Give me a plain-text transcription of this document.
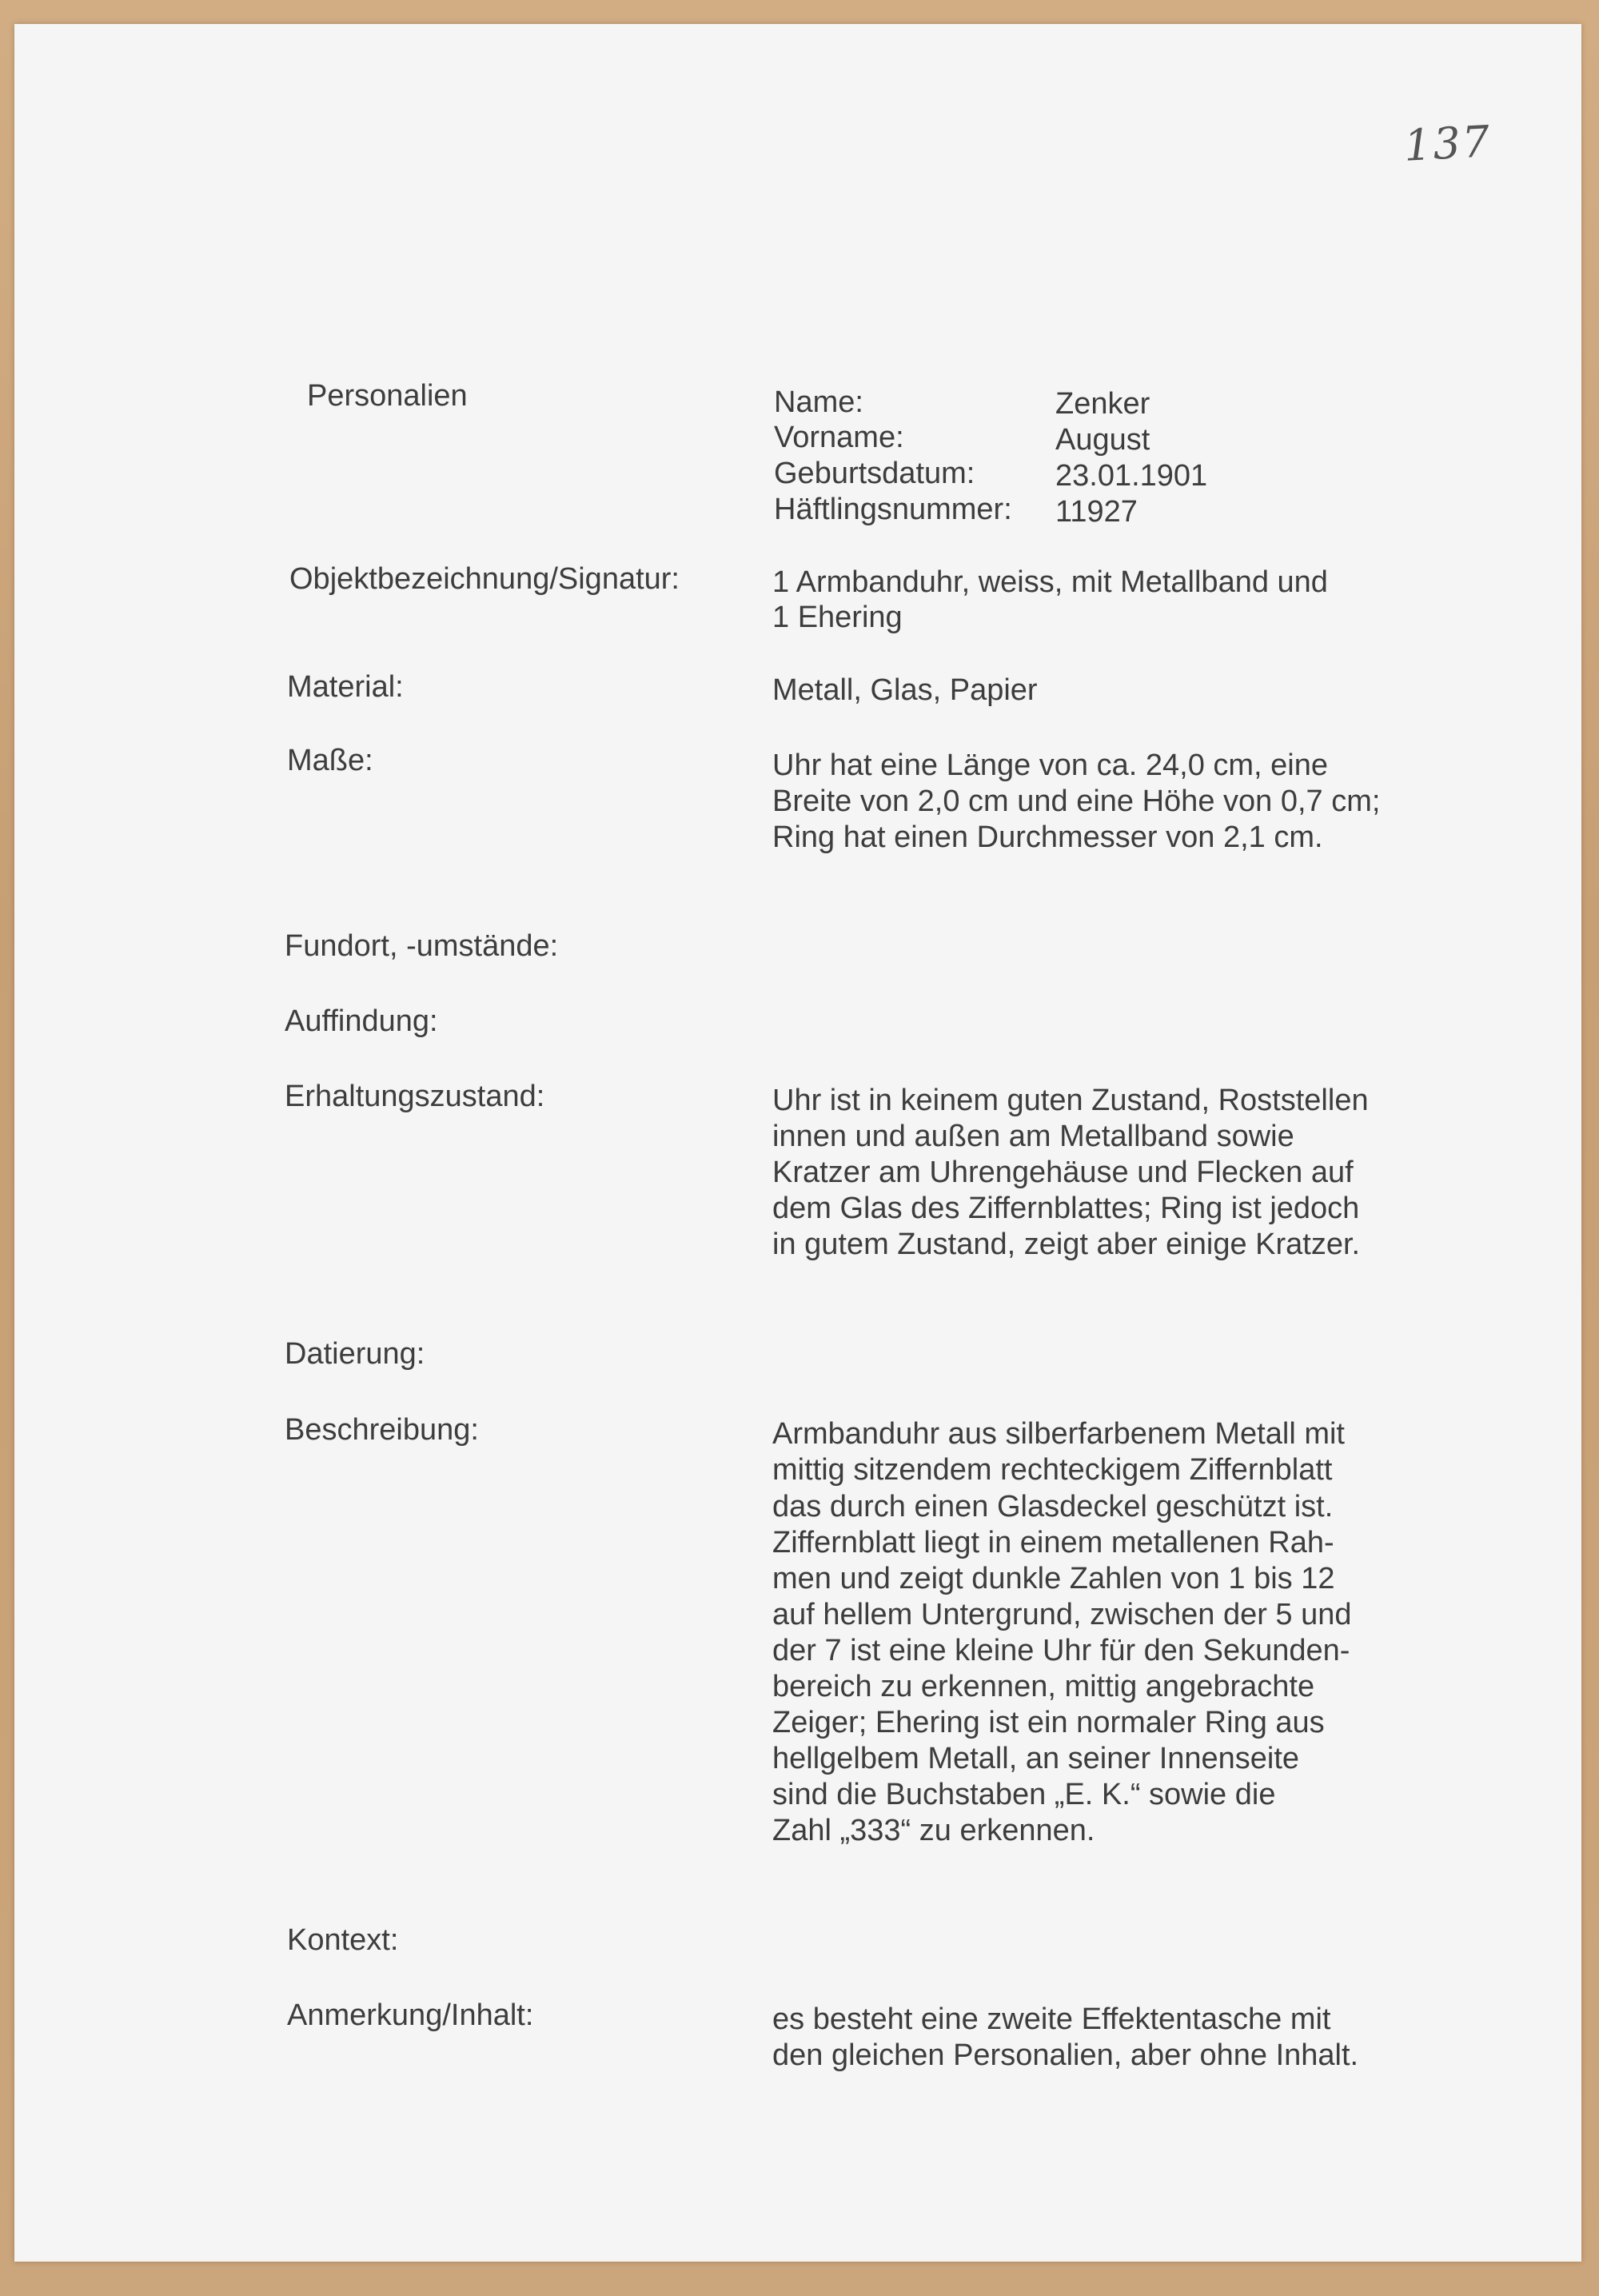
137

Personalien	Name:	Zenker

Vorname:	August

Geburtsdatum:	23.01.1901

Häftlingsnummer: 11927

Objektbezeichnung/Signatur:	1 Armbanduhr, weiss, mit Metallband und

1 Ehering

Material:	Metall, Glas, Papier

Maße:	Uhr hat eine Länge von ca. 24,0 cm, eine

Breite von 2,0 cm und eine Höhe von 0,7 cm;

Ring hat einen Durchmesser von 2,1 cm.

Fundort, -umstände:

Auffindung:

Erhaltungszustand:	Uhr ist in keinem guten Zustand, Roststellen

innen und außen am Metallband sowie

Kratzer am Uhrengehäuse und Flecken auf

dem Glas des Ziffernblattes; Ring ist jedoch

in gutem Zustand, zeigt aber einige Kratzer.

Datierung:

Beschreibung:	Armbanduhr aus silberfarbenem Metall mit

mittig sitzendem rechteckigem Ziffernblatt

das durch einen Glasdeckel geschützt ist.

Ziffernblatt liegt in einem metallenen Rah-

men und zeigt dunkle Zahlen von 1 bis 12

auf hellem Untergrund, zwischen der 5 und

der 7 ist eine kleine Uhr für den Sekunden-

bereich zu erkennen, mittig angebrachte

Zeiger; Ehering ist ein normaler Ring aus

hellgelbem Metall, an seiner Innenseite

sind die Buchstaben „E. K.“ sowie die

Zahl „333“ zu erkennen.

Kontext:

Anmerkung/Inhalt:	es besteht eine zweite Effektentasche mit

den gleichen Personalien, aber ohne Inhalt.
